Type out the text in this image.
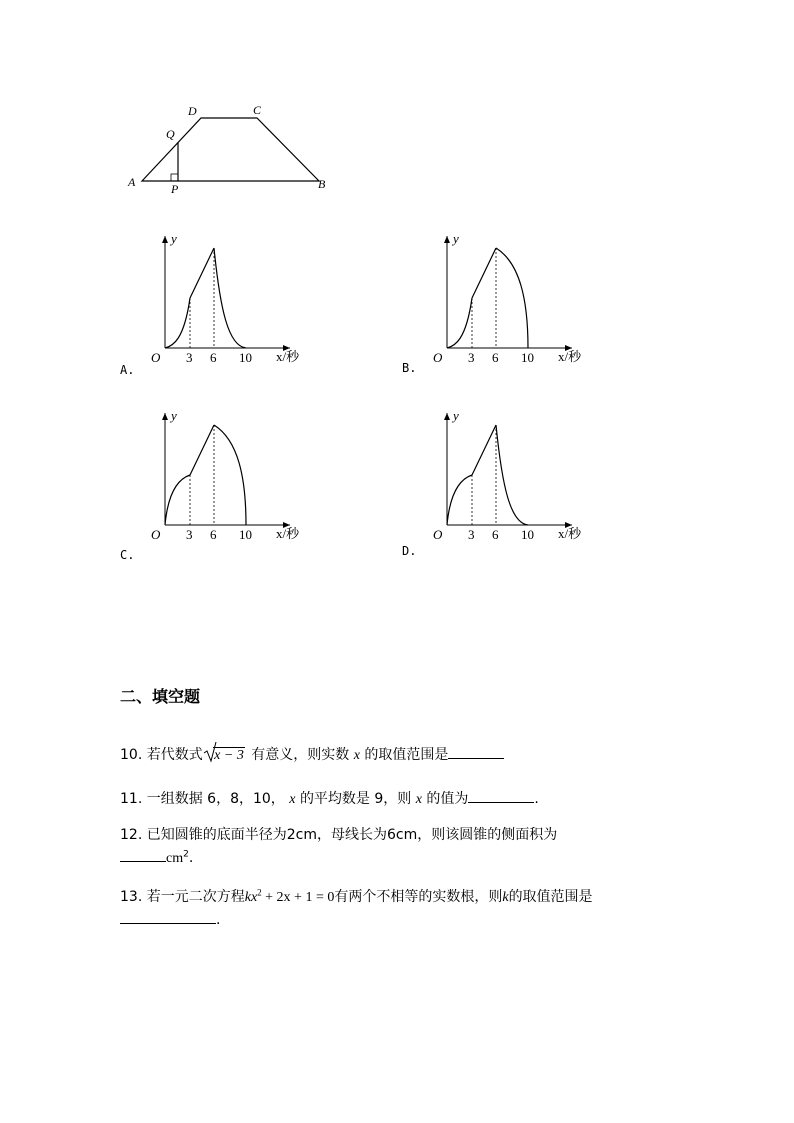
A	B
C
D
P
Q
y
O 3 6 10 x/秒
A.
y
O 3 6 10 x/秒
B.
y
O 3 6 10 x/秒
C.
y
O 3 6 10 x/秒
D.
二、填空题
10. 若代数式 x − 3 有意义，则实数 x 的取值范围是
11. 一组数据 6，8，10， x 的平均数是 9，则 x 的值为	.
12. 已知圆锥的底面半径为2cm，母线长为6cm，则该圆锥的侧面积为
$cm^2$.
13. 若一元二次方程$kx^2 + 2x + 1 = 0$有两个不相等的实数根，则k的取值范围是
.
